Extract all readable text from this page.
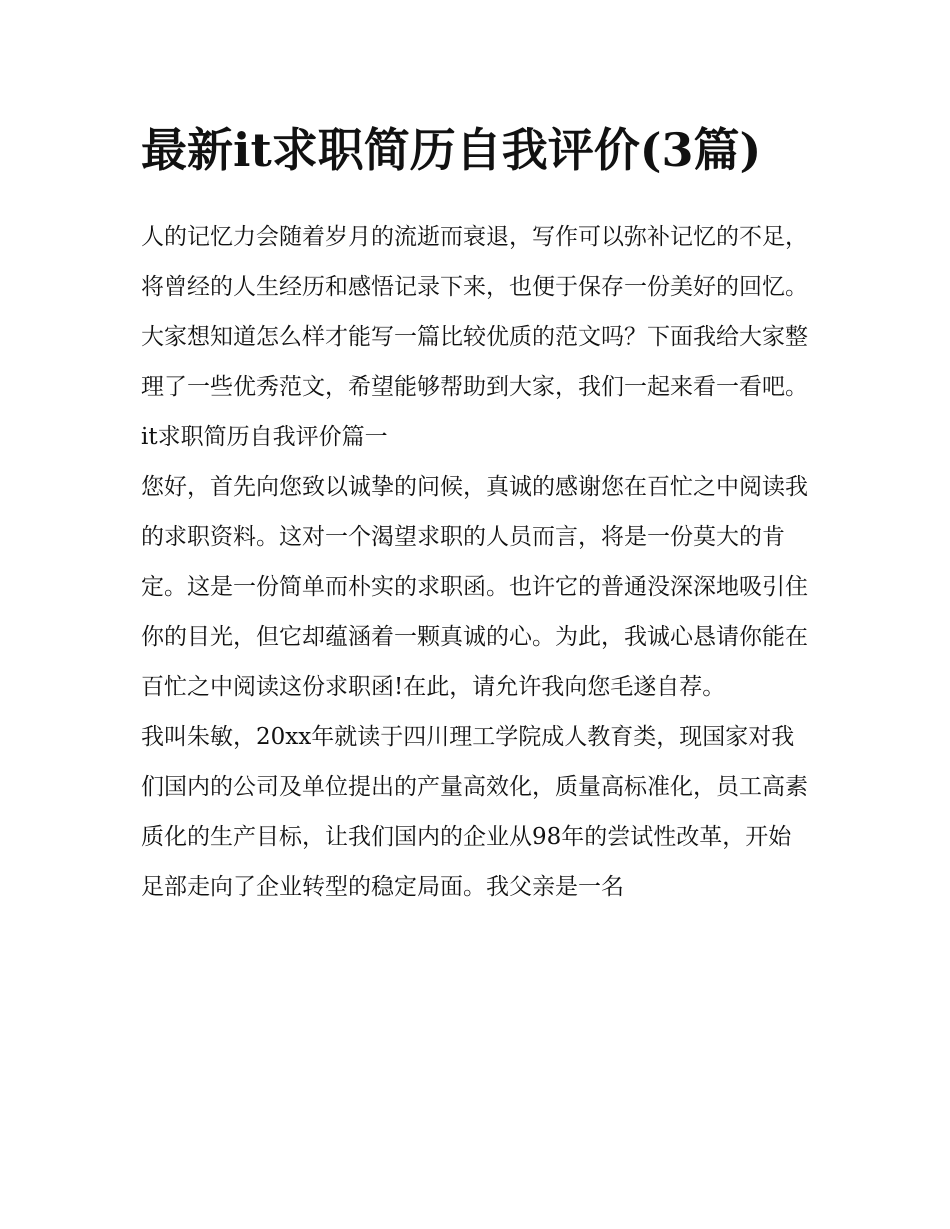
最新it求职简历自我评价(3篇)

人的记忆力会随着岁月的流逝而衰退，写作可以弥补记忆的不足，将曾经的人生经历和感悟记录下来，也便于保存一份美好的回忆。大家想知道怎么样才能写一篇比较优质的范文吗？下面我给大家整理了一些优秀范文，希望能够帮助到大家，我们一起来看一看吧。

it求职简历自我评价篇一

您好，首先向您致以诚挚的问候，真诚的感谢您在百忙之中阅读我的求职资料。这对一个渴望求职的人员而言，将是一份莫大的肯定。这是一份简单而朴实的求职函。也许它的普通没深深地吸引住你的目光，但它却蕴涵着一颗真诚的心。为此，我诚心恳请你能在百忙之中阅读这份求职函!在此，请允许我向您毛遂自荐。

我叫朱敏，20xx年就读于四川理工学院成人教育类，现国家对我们国内的公司及单位提出的产量高效化，质量高标准化，员工高素质化的生产目标，让我们国内的企业从98年的尝试性改革，开始足部走向了企业转型的稳定局面。我父亲是一名
